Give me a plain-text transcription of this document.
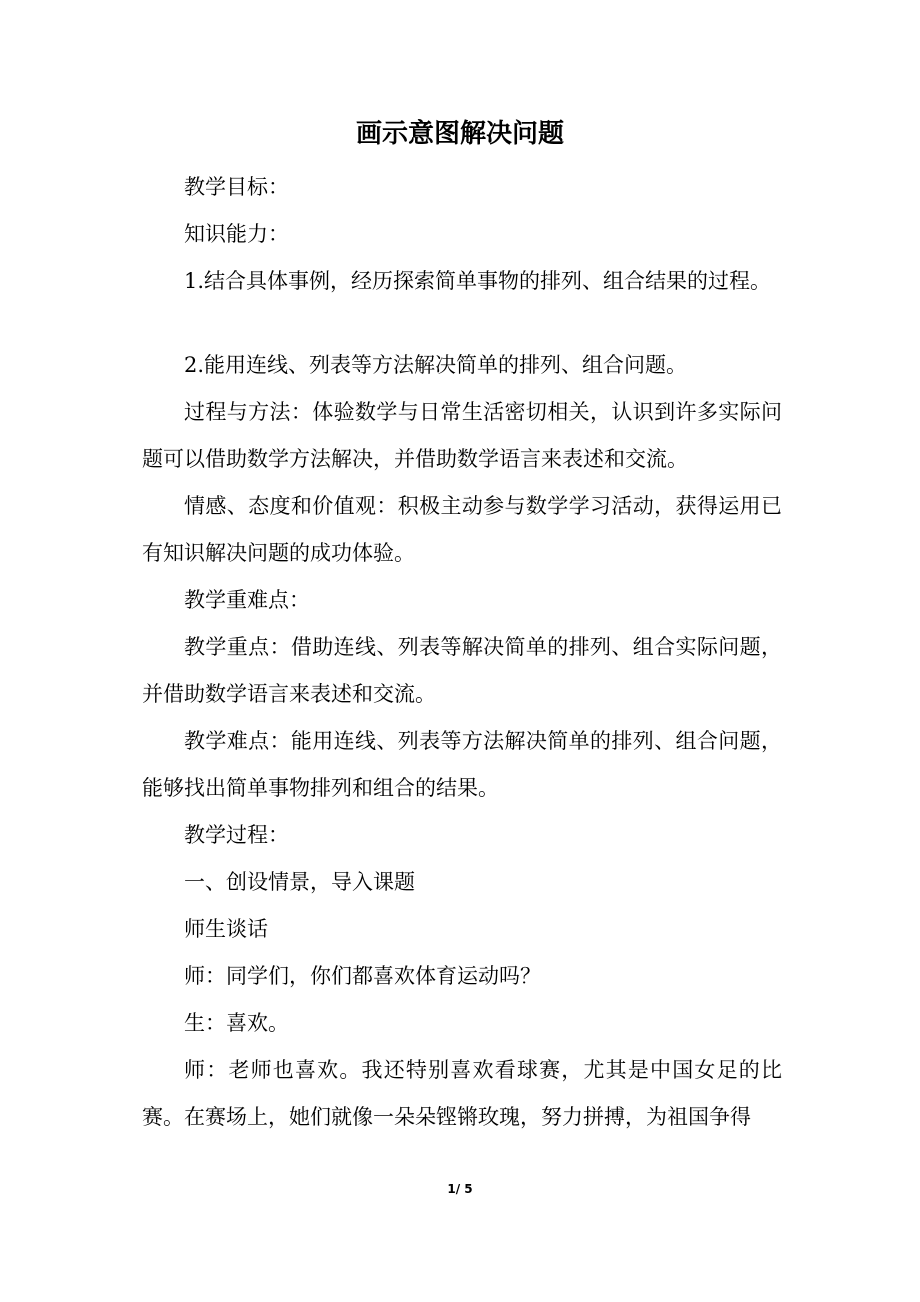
画示意图解决问题

教学目标：

知识能力：

1.结合具体事例，经历探索简单事物的排列、组合结果的过程。

2.能用连线、列表等方法解决简单的排列、组合问题。

过程与方法：体验数学与日常生活密切相关，认识到许多实际问题可以借助数学方法解决，并借助数学语言来表述和交流。

情感、态度和价值观：积极主动参与数学学习活动，获得运用已有知识解决问题的成功体验。

教学重难点：

教学重点：借助连线、列表等解决简单的排列、组合实际问题，并借助数学语言来表述和交流。

教学难点：能用连线、列表等方法解决简单的排列、组合问题，能够找出简单事物排列和组合的结果。

教学过程：

一、创设情景，导入课题

师生谈话

师：同学们，你们都喜欢体育运动吗？

生：喜欢。

师：老师也喜欢。我还特别喜欢看球赛，尤其是中国女足的比赛。在赛场上，她们就像一朵朵铿锵玫瑰，努力拼搏，为祖国争得

1/ 5
